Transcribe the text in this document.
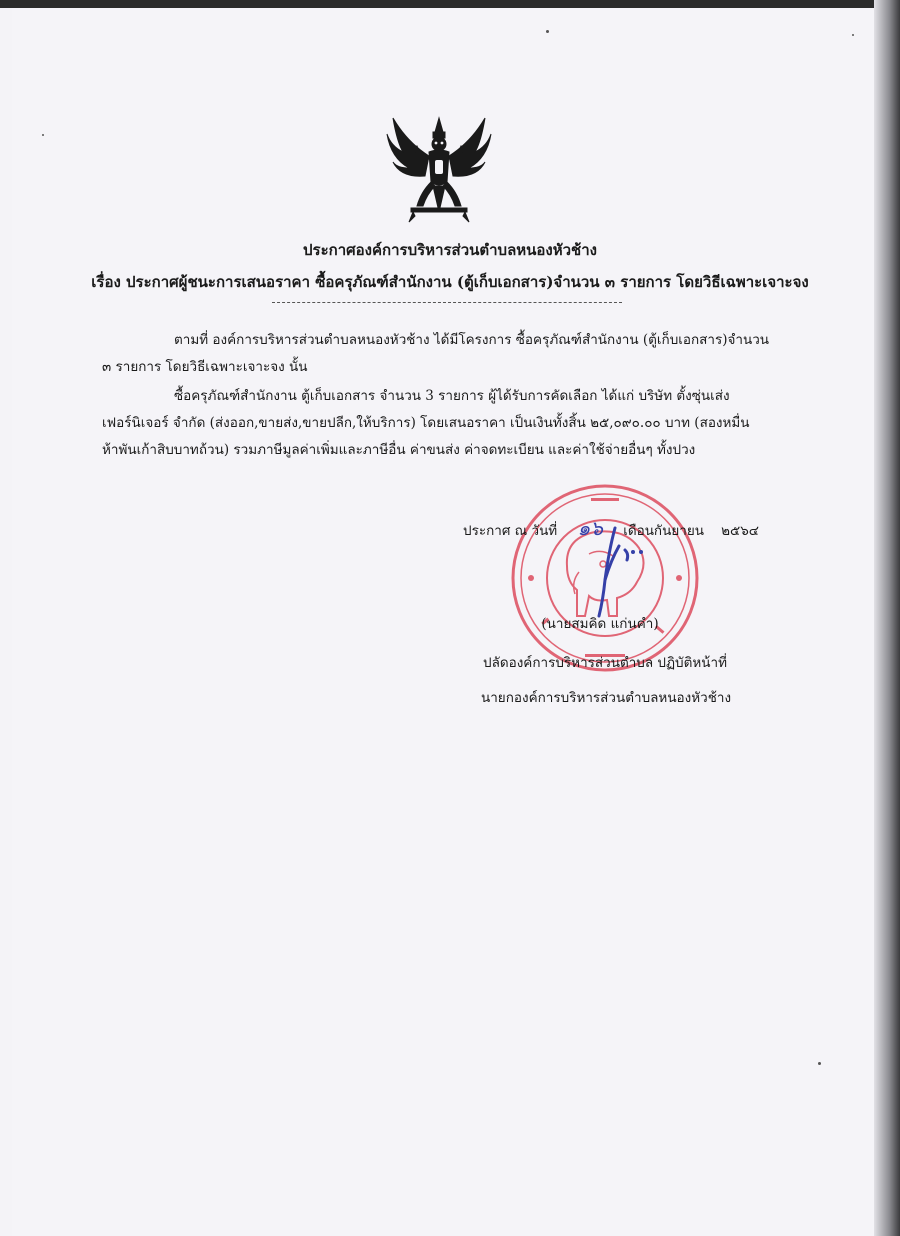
ประกาศองค์การบริหารส่วนตำบลหนองหัวช้าง
เรื่อง ประกาศผู้ชนะการเสนอราคา ซื้อครุภัณฑ์สำนักงาน (ตู้เก็บเอกสาร)จำนวน ๓ รายการ โดยวิธีเฉพาะเจาะจง
ตามที่ องค์การบริหารส่วนตำบลหนองหัวช้าง ได้มีโครงการ ซื้อครุภัณฑ์สำนักงาน (ตู้เก็บเอกสาร)จำนวน
๓ รายการ โดยวิธีเฉพาะเจาะจง นั้น
ซื้อครุภัณฑ์สำนักงาน ตู้เก็บเอกสาร จำนวน 3 รายการ ผู้ได้รับการคัดเลือก ได้แก่ บริษัท ตั้งซุ่นเส่ง
เฟอร์นิเจอร์ จำกัด (ส่งออก,ขายส่ง,ขายปลีก,ให้บริการ) โดยเสนอราคา เป็นเงินทั้งสิ้น ๒๕,๐๙๐.๐๐ บาท (สองหมื่น
ห้าพันเก้าสิบบาทถ้วน) รวมภาษีมูลค่าเพิ่มและภาษีอื่น ค่าขนส่ง ค่าจดทะเบียน และค่าใช้จ่ายอื่นๆ ทั้งปวง
ประกาศ ณ วันที่ ๑๖ เดือนกันยายน ๒๕๖๔
(นายสมคิด แก่นคำ)
ปลัดองค์การบริหารส่วนตำบล ปฏิบัติหน้าที่
นายกองค์การบริหารส่วนตำบลหนองหัวช้าง
